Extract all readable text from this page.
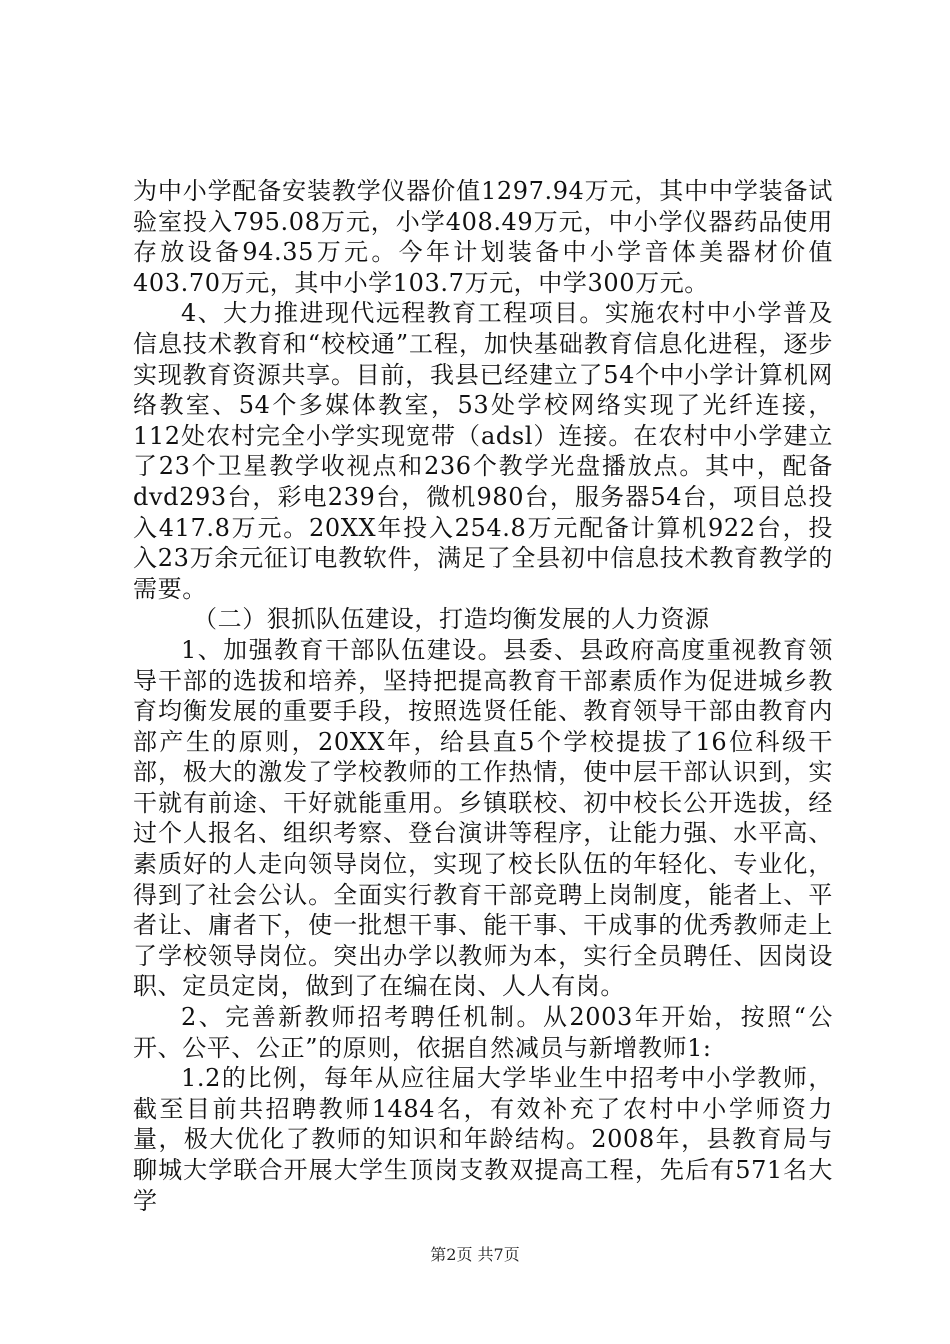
为中小学配备安装教学仪器价值1297.94万元，其中中学装备试验室投入795.08万元，小学408.49万元，中小学仪器药品使用存放设备94.35万元。今年计划装备中小学音体美器材价值403.70万元，其中小学103.7万元，中学300万元。

4、大力推进现代远程教育工程项目。实施农村中小学普及信息技术教育和“校校通”工程，加快基础教育信息化进程，逐步实现教育资源共享。目前，我县已经建立了54个中小学计算机网络教室、54个多媒体教室，53处学校网络实现了光纤连接，112处农村完全小学实现宽带（adsl）连接。在农村中小学建立了23个卫星教学收视点和236个教学光盘播放点。其中，配备dvd293台，彩电239台，微机980台，服务器54台，项目总投入417.8万元。20XX年投入254.8万元配备计算机922台，投入23万余元征订电教软件，满足了全县初中信息技术教育教学的需要。

（二）狠抓队伍建设，打造均衡发展的人力资源

1、加强教育干部队伍建设。县委、县政府高度重视教育领导干部的选拔和培养，坚持把提高教育干部素质作为促进城乡教育均衡发展的重要手段，按照选贤任能、教育领导干部由教育内部产生的原则，20XX年，给县直5个学校提拔了16位科级干部，极大的激发了学校教师的工作热情，使中层干部认识到，实干就有前途、干好就能重用。乡镇联校、初中校长公开选拔，经过个人报名、组织考察、登台演讲等程序，让能力强、水平高、素质好的人走向领导岗位，实现了校长队伍的年轻化、专业化，得到了社会公认。全面实行教育干部竞聘上岗制度，能者上、平者让、庸者下，使一批想干事、能干事、干成事的优秀教师走上了学校领导岗位。突出办学以教师为本，实行全员聘任、因岗设职、定员定岗，做到了在编在岗、人人有岗。

2、完善新教师招考聘任机制。从2003年开始，按照“公开、公平、公正”的原则，依据自然减员与新增教师1:

1.2的比例，每年从应往届大学毕业生中招考中小学教师，截至目前共招聘教师1484名，有效补充了农村中小学师资力量，极大优化了教师的知识和年龄结构。2008年，县教育局与聊城大学联合开展大学生顶岗支教双提高工程，先后有571名大学

第2页 共7页
